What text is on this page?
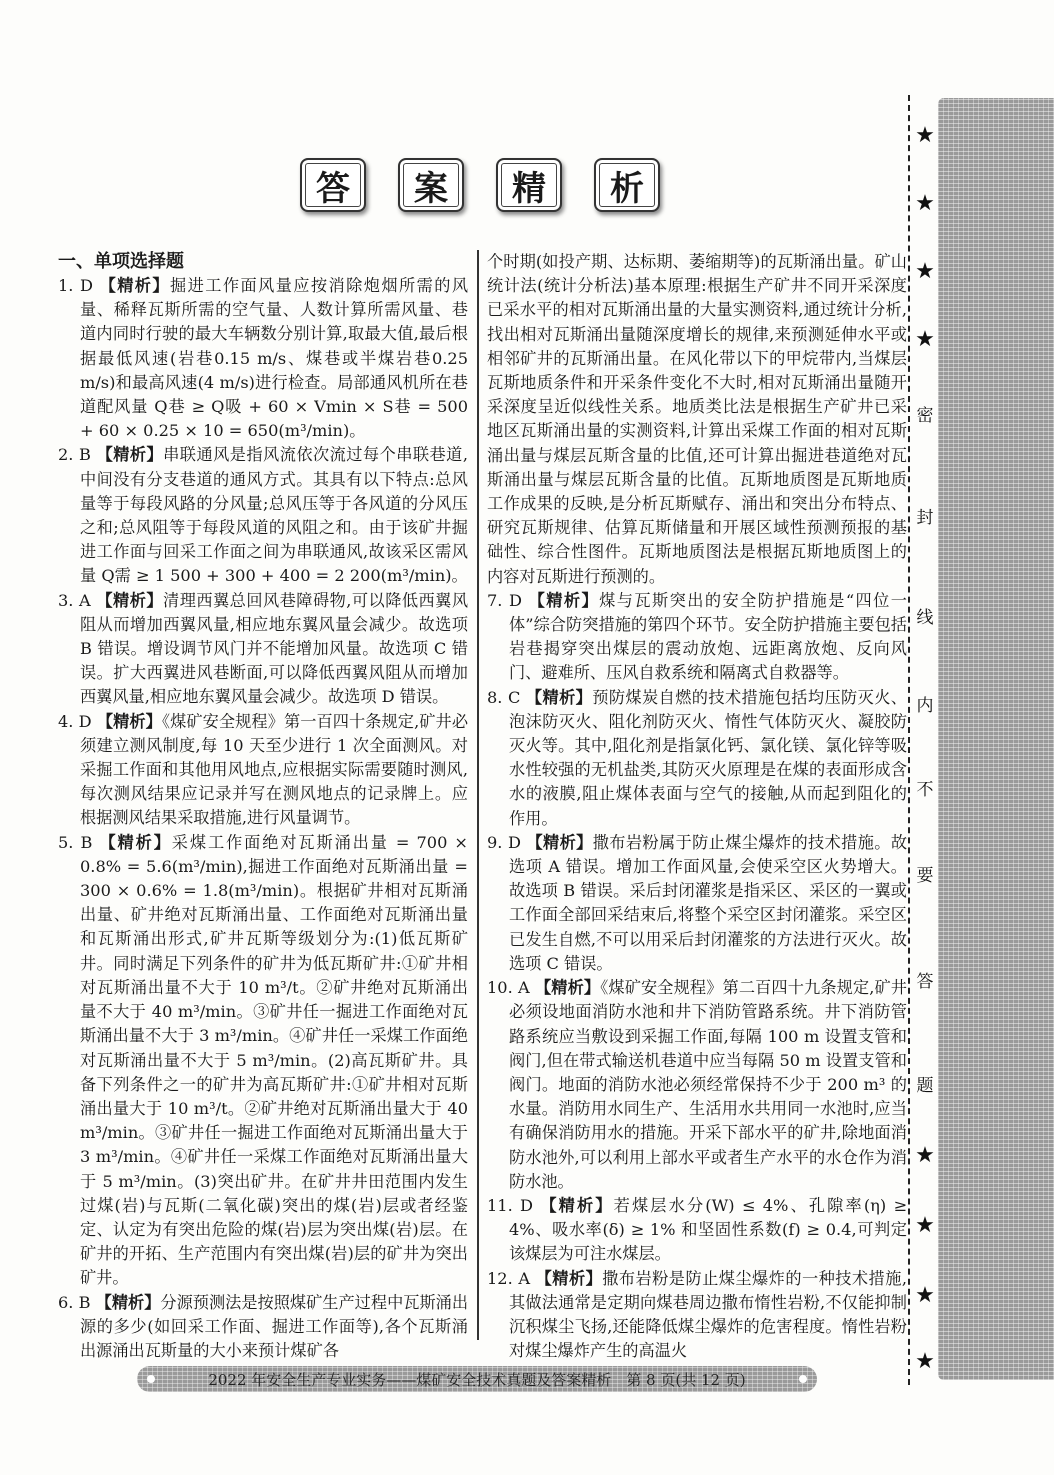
答 案 精 析

一、单项选择题

1. D 【精析】掘进工作面风量应按消除炮烟所需的风量、稀释瓦斯所需的空气量、人数计算所需风量、巷道内同时行驶的最大车辆数分别计算,取最大值,最后根据最低风速(岩巷0.15 m/s、煤巷或半煤岩巷0.25 m/s)和最高风速(4 m/s)进行检查。局部通风机所在巷道配风量 Q巷 ≥ Q吸 + 60 × Vmin × S巷 = 500 + 60 × 0.25 × 10 = 650(m³/min)。

2. B 【精析】串联通风是指风流依次流过每个串联巷道,中间没有分支巷道的通风方式。其具有以下特点:总风量等于每段风路的分风量;总风压等于各风道的分风压之和;总风阻等于每段风道的风阻之和。由于该矿井掘进工作面与回采工作面之间为串联通风,故该采区需风量 Q需 ≥ 1 500 + 300 + 400 = 2 200(m³/min)。

3. A 【精析】清理西翼总回风巷障碍物,可以降低西翼风阻从而增加西翼风量,相应地东翼风量会减少。故选项 B 错误。增设调节风门并不能增加风量。故选项 C 错误。扩大西翼进风巷断面,可以降低西翼风阻从而增加西翼风量,相应地东翼风量会减少。故选项 D 错误。

4. D 【精析】《煤矿安全规程》第一百四十条规定,矿井必须建立测风制度,每 10 天至少进行 1 次全面测风。对采掘工作面和其他用风地点,应根据实际需要随时测风,每次测风结果应记录并写在测风地点的记录牌上。应根据测风结果采取措施,进行风量调节。

5. B 【精析】采煤工作面绝对瓦斯涌出量 = 700 × 0.8% = 5.6(m³/min),掘进工作面绝对瓦斯涌出量 = 300 × 0.6% = 1.8(m³/min)。根据矿井相对瓦斯涌出量、矿井绝对瓦斯涌出量、工作面绝对瓦斯涌出量和瓦斯涌出形式,矿井瓦斯等级划分为:(1)低瓦斯矿井。同时满足下列条件的矿井为低瓦斯矿井:①矿井相对瓦斯涌出量不大于 10 m³/t。②矿井绝对瓦斯涌出量不大于 40 m³/min。③矿井任一掘进工作面绝对瓦斯涌出量不大于 3 m³/min。④矿井任一采煤工作面绝对瓦斯涌出量不大于 5 m³/min。(2)高瓦斯矿井。具备下列条件之一的矿井为高瓦斯矿井:①矿井相对瓦斯涌出量大于 10 m³/t。②矿井绝对瓦斯涌出量大于 40 m³/min。③矿井任一掘进工作面绝对瓦斯涌出量大于 3 m³/min。④矿井任一采煤工作面绝对瓦斯涌出量大于 5 m³/min。(3)突出矿井。在矿井井田范围内发生过煤(岩)与瓦斯(二氧化碳)突出的煤(岩)层或者经鉴定、认定为有突出危险的煤(岩)层为突出煤(岩)层。在矿井的开拓、生产范围内有突出煤(岩)层的矿井为突出矿井。

6. B 【精析】分源预测法是按照煤矿生产过程中瓦斯涌出源的多少(如回采工作面、掘进工作面等),各个瓦斯涌出源涌出瓦斯量的大小来预计煤矿各

个时期(如投产期、达标期、萎缩期等)的瓦斯涌出量。矿山统计法(统计分析法)基本原理:根据生产矿井不同开采深度已采水平的相对瓦斯涌出量的大量实测资料,通过统计分析,找出相对瓦斯涌出量随深度增长的规律,来预测延伸水平或相邻矿井的瓦斯涌出量。在风化带以下的甲烷带内,当煤层瓦斯地质条件和开采条件变化不大时,相对瓦斯涌出量随开采深度呈近似线性关系。地质类比法是根据生产矿井已采地区瓦斯涌出量的实测资料,计算出采煤工作面的相对瓦斯涌出量与煤层瓦斯含量的比值,还可计算出掘进巷道绝对瓦斯涌出量与煤层瓦斯含量的比值。瓦斯地质图是瓦斯地质工作成果的反映,是分析瓦斯赋存、涌出和突出分布特点、研究瓦斯规律、估算瓦斯储量和开展区域性预测预报的基础性、综合性图件。瓦斯地质图法是根据瓦斯地质图上的内容对瓦斯进行预测的。

7. D 【精析】煤与瓦斯突出的安全防护措施是“四位一体”综合防突措施的第四个环节。安全防护措施主要包括岩巷揭穿突出煤层的震动放炮、远距离放炮、反向风门、避难所、压风自救系统和隔离式自救器等。

8. C 【精析】预防煤炭自燃的技术措施包括均压防灭火、泡沫防灭火、阻化剂防灭火、惰性气体防灭火、凝胶防灭火等。其中,阻化剂是指氯化钙、氯化镁、氯化锌等吸水性较强的无机盐类,其防灭火原理是在煤的表面形成含水的液膜,阻止煤体表面与空气的接触,从而起到阻化的作用。

9. D 【精析】撒布岩粉属于防止煤尘爆炸的技术措施。故选项 A 错误。增加工作面风量,会使采空区火势增大。故选项 B 错误。采后封闭灌浆是指采区、采区的一翼或工作面全部回采结束后,将整个采空区封闭灌浆。采空区已发生自燃,不可以用采后封闭灌浆的方法进行灭火。故选项 C 错误。

10. A 【精析】《煤矿安全规程》第二百四十九条规定,矿井必须设地面消防水池和井下消防管路系统。井下消防管路系统应当敷设到采掘工作面,每隔 100 m 设置支管和阀门,但在带式输送机巷道中应当每隔 50 m 设置支管和阀门。地面的消防水池必须经常保持不少于 200 m³ 的水量。消防用水同生产、生活用水共用同一水池时,应当有确保消防用水的措施。开采下部水平的矿井,除地面消防水池外,可以利用上部水平或者生产水平的水仓作为消防水池。

11. D 【精析】若煤层水分(W) ≤ 4%、孔隙率(η) ≥ 4%、吸水率(δ) ≥ 1% 和坚固性系数(f) ≥ 0.4,可判定该煤层为可注水煤层。

12. A 【精析】撒布岩粉是防止煤尘爆炸的一种技术措施,其做法通常是定期向煤巷周边撒布惰性岩粉,不仅能抑制沉积煤尘飞扬,还能降低煤尘爆炸的危害程度。惰性岩粉对煤尘爆炸产生的高温火

★
★
★
★
密
封
线
内
不
要
答
题
★
★
★
★
2022 年安全生产专业实务——煤矿安全技术真题及答案精析　第 8 页(共 12 页)
